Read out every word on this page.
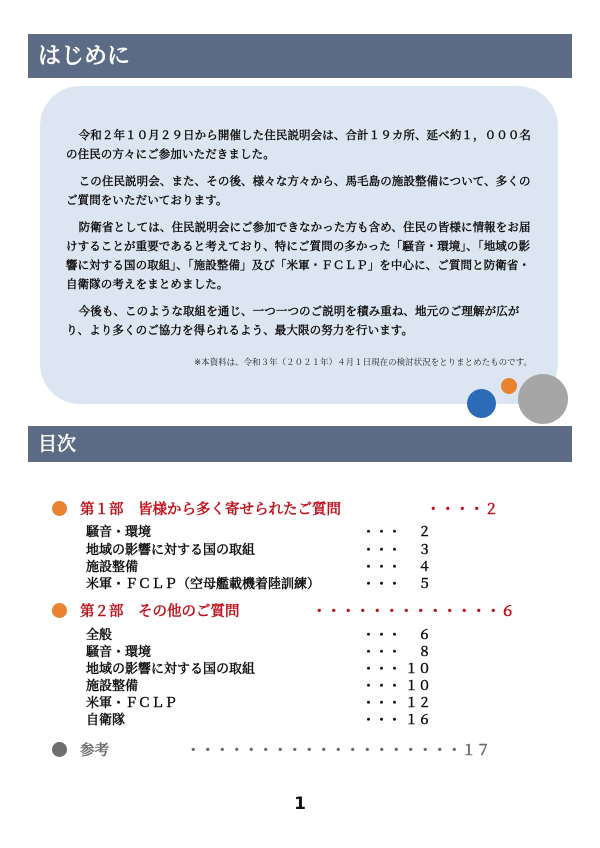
はじめに

令和２年１０月２９日から開催した住民説明会は、合計１９カ所、延べ約１，０００名の住民の方々にご参加いただきました。

この住民説明会、また、その後、様々な方々から、馬毛島の施設整備について、多くのご質問をいただいております。

防衛省としては、住民説明会にご参加できなかった方も含め、住民の皆様に情報をお届けすることが重要であると考えており、特にご質問の多かった「騒音・環境」、「地域の影響に対する国の取組」、「施設整備」及び「米軍・ＦＣＬＰ」を中心に、ご質問と防衛省・自衛隊の考えをまとめました。

今後も、このような取組を通じ、一つ一つのご説明を積み重ね、地元のご理解が広がり、より多くのご協力を得られるよう、最大限の努力を行います。

※本資料は、令和３年（２０２１年）４月１日現在の検討状況をとりまとめたものです。
目次
第１部　皆様から多く寄せられたご質問	・・・・２
騒音・環境	・・・	２
地域の影響に対する国の取組	・・・	３
施設整備	・・・	４
米軍・ＦＣＬＰ（空母艦載機着陸訓練）	・・・	５
第２部　その他のご質問	・・・・・・・・・・・・・６
全般	・・・	６
騒音・環境	・・・	８
地域の影響に対する国の取組	・・・ １０
施設整備	・・・ １０
米軍・ＦＣＬＰ	・・・ １２
自衛隊	・・・ １６
参考	・・・・・・・・・・・・・・・・・・・１７
1
